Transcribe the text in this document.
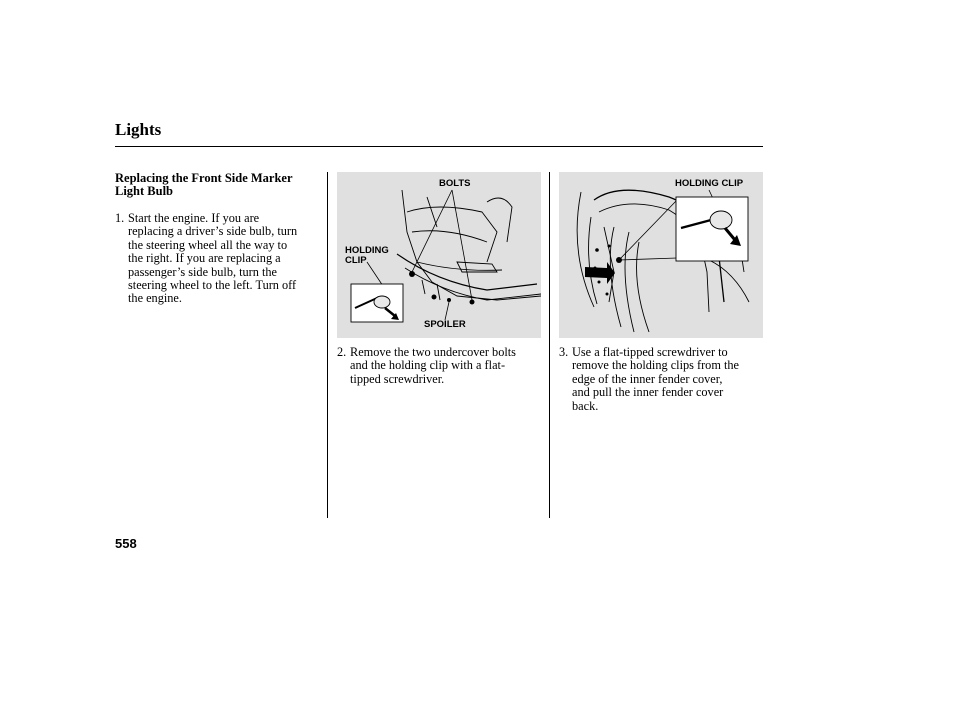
Lights
Replacing the Front Side Marker Light Bulb
1. Start the engine. If you are
replacing a driver’s side bulb, turn
the steering wheel all the way to
the right. If you are replacing a
passenger’s side bulb, turn the
steering wheel to the left. Turn off
the engine.
BOLTS
HOLDING
CLIP
SPOILER
HOLDING CLIP
2. Remove the two undercover bolts
and the holding clip with a flat-
tipped screwdriver.
3. Use a flat-tipped screwdriver to
remove the holding clips from the
edge of the inner fender cover,
and pull the inner fender cover
back.
558
